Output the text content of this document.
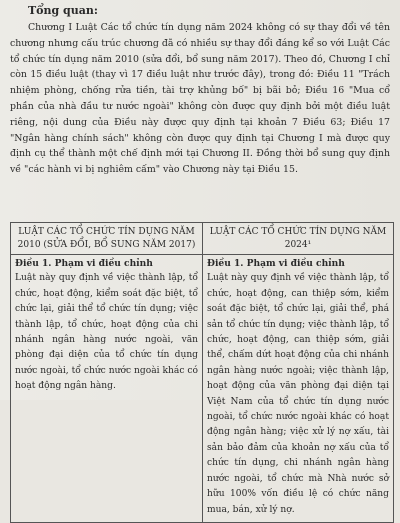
Tổng quan:
Chương I Luật Các tổ chức tín dụng năm 2024 không có sự thay đổi về tên chương nhưng cấu trúc chương đã có nhiều sự thay đổi đáng kể so với Luật Các tổ chức tín dụng năm 2010 (sửa đổi, bổ sung năm 2017). Theo đó, Chương I chỉ còn 15 điều luật (thay vì 17 điều luật như trước đây), trong đó: Điều 11 "Trách nhiệm phòng, chống rửa tiền, tài trợ khủng bố" bị bãi bỏ; Điều 16 "Mua cổ phần của nhà đầu tư nước ngoài" không còn được quy định bởi một điều luật riêng, nội dung của Điều này được quy định tại khoản 7 Điều 63; Điều 17 "Ngân hàng chính sách" không còn được quy định tại Chương I mà được quy định cụ thể thành một chế định mới tại Chương II. Đồng thời bổ sung quy định về "các hành vi bị nghiêm cấm" vào Chương này tại Điều 15.
LUẬT CÁC TỔ CHỨC TÍN DỤNG NĂM 2010 (SỬA ĐỔI, BỔ SUNG NĂM 2017)
LUẬT CÁC TỔ CHỨC TÍN DỤNG NĂM 2024¹
Điều 1. Phạm vi điều chỉnh
Luật này quy định về việc thành lập, tổ chức, hoạt động, kiểm soát đặc biệt, tổ chức lại, giải thể tổ chức tín dụng; việc thành lập, tổ chức, hoạt động của chi nhánh ngân hàng nước ngoài, văn phòng đại diện của tổ chức tín dụng nước ngoài, tổ chức nước ngoài khác có hoạt động ngân hàng.
Điều 1. Phạm vi điều chỉnh
Luật này quy định về việc thành lập, tổ chức, hoạt động, can thiệp sớm, kiểm soát đặc biệt, tổ chức lại, giải thể, phá sản tổ chức tín dụng; việc thành lập, tổ chức, hoạt động, can thiệp sớm, giải thể, chấm dứt hoạt động của chi nhánh ngân hàng nước ngoài; việc thành lập, hoạt động của văn phòng đại diện tại Việt Nam của tổ chức tín dụng nước ngoài, tổ chức nước ngoài khác có hoạt động ngân hàng; việc xử lý nợ xấu, tài sản bảo đảm của khoản nợ xấu của tổ chức tín dụng, chi nhánh ngân hàng nước ngoài, tổ chức mà Nhà nước sở hữu 100% vốn điều lệ có chức năng mua, bán, xử lý nợ.
